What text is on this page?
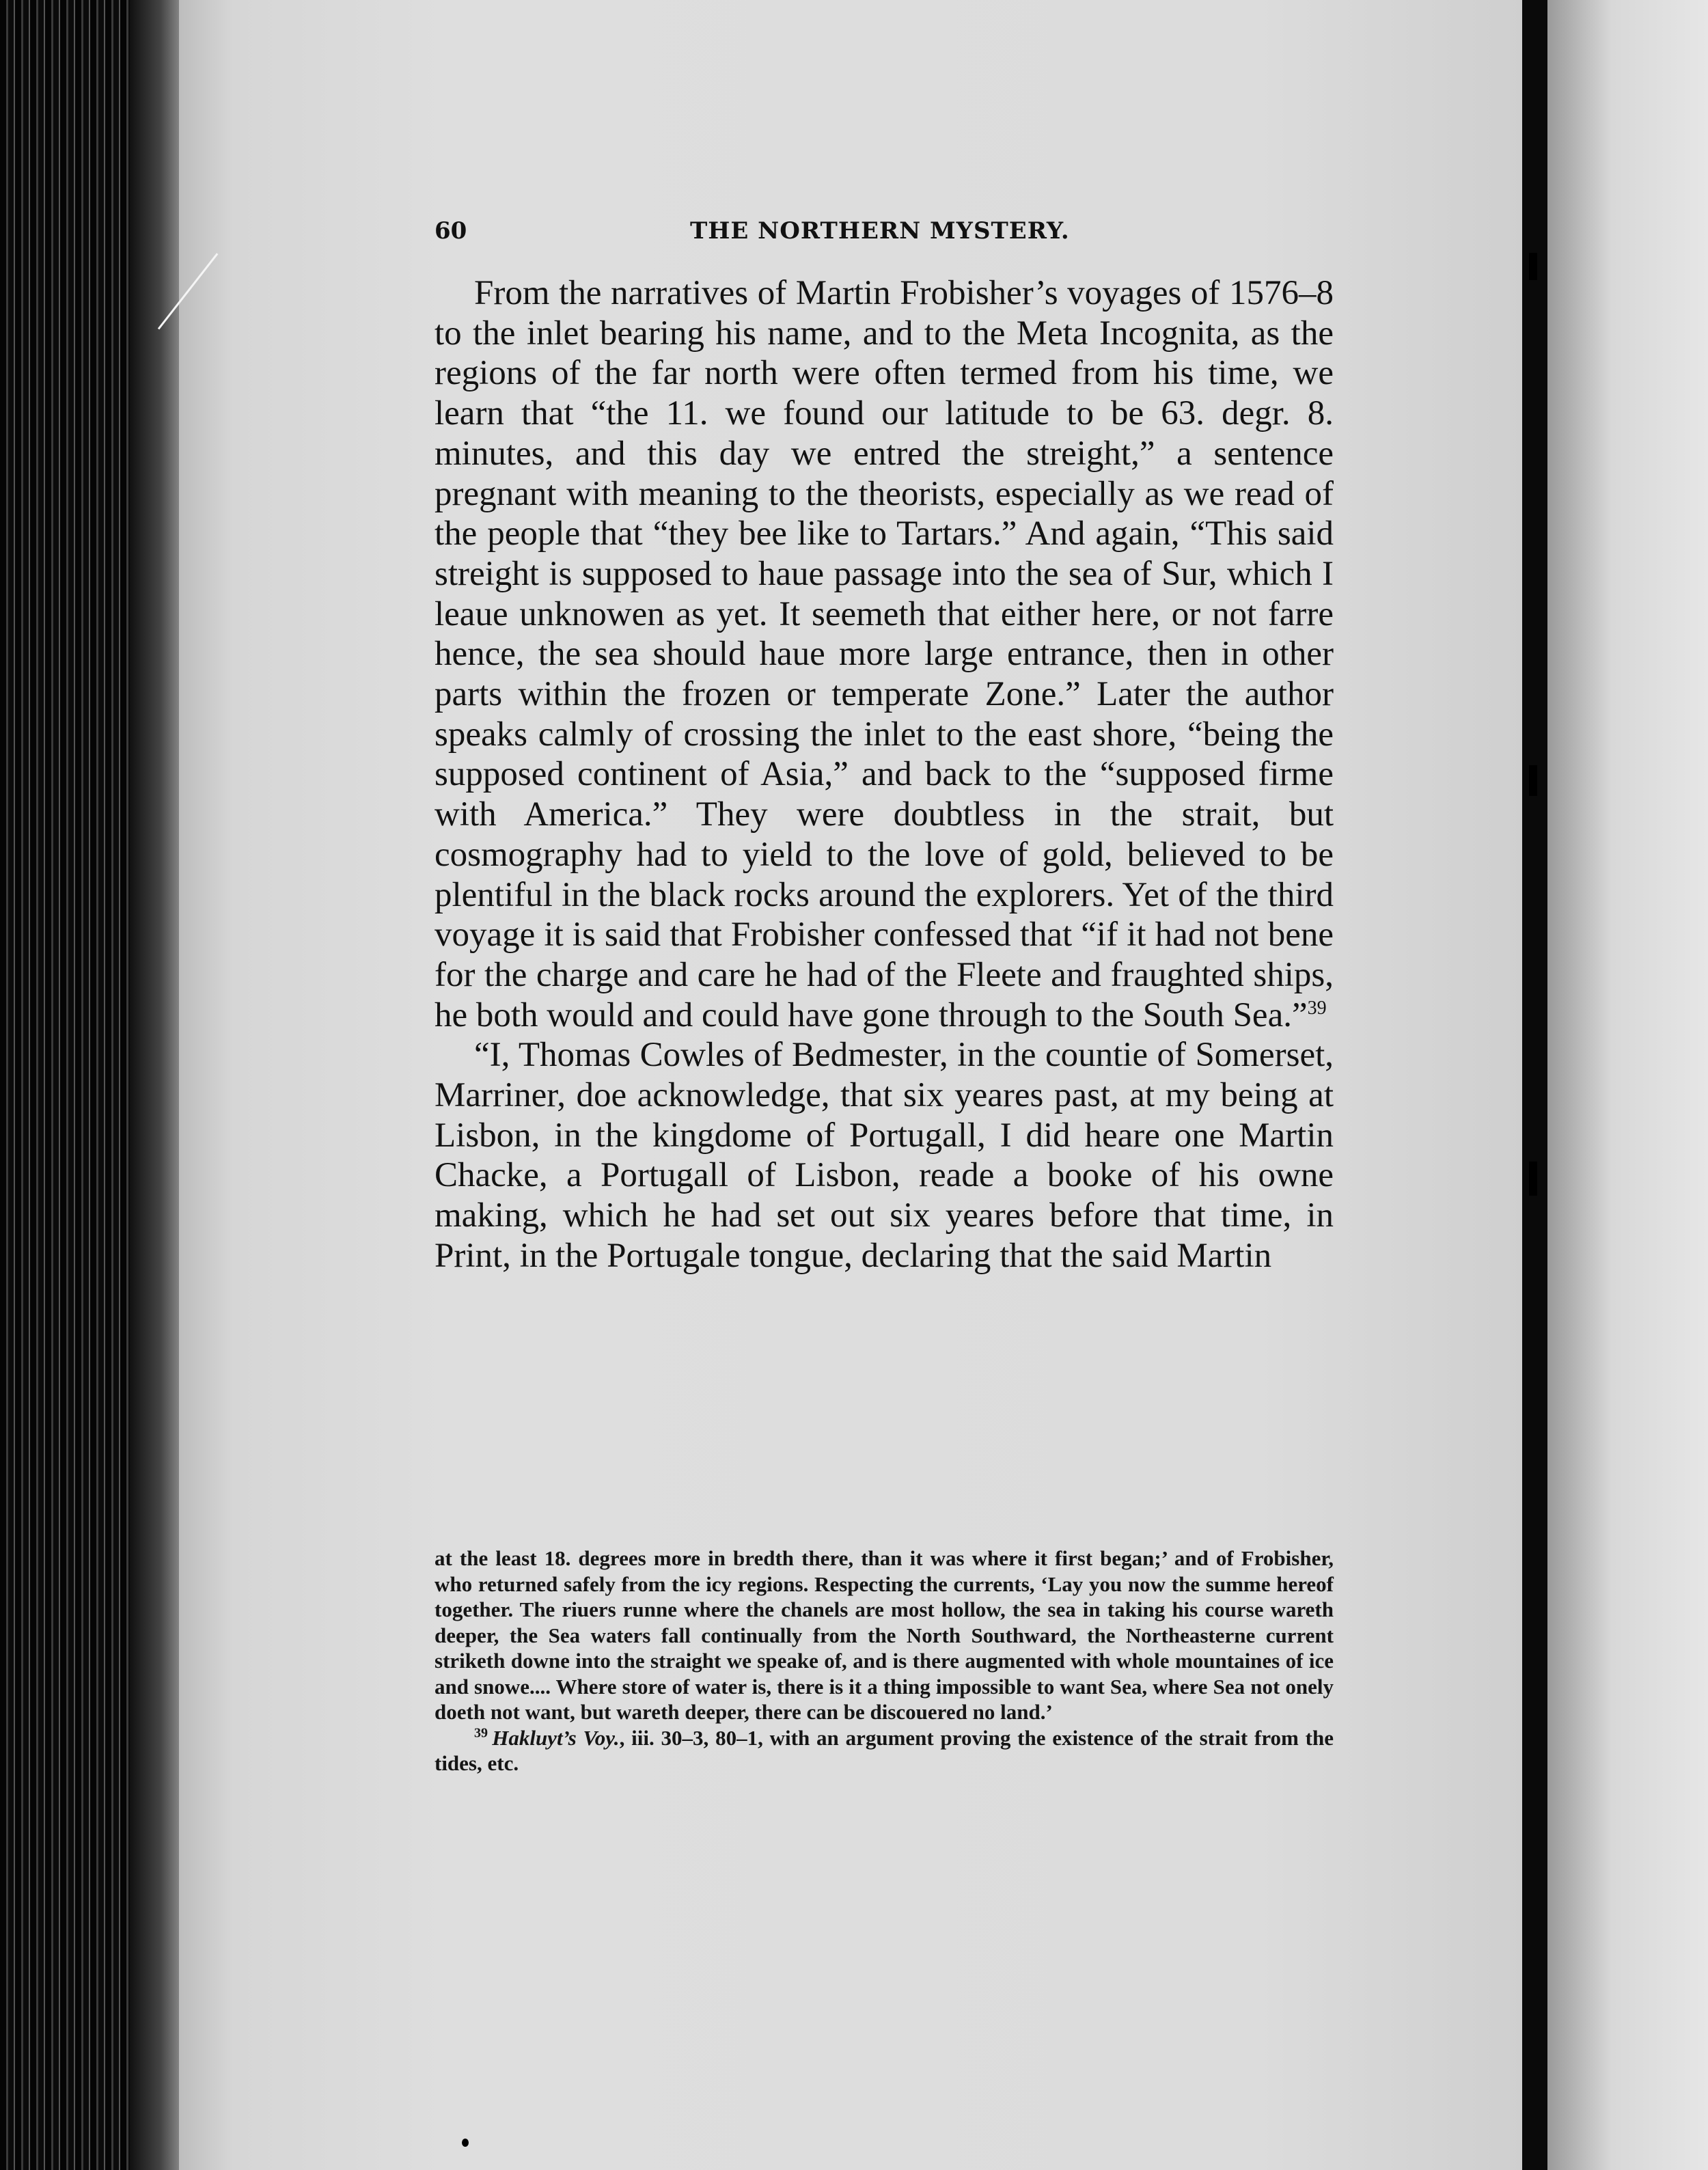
60	THE NORTHERN MYSTERY.

From the narratives of Martin Frobisher’s voyages of 1576–8 to the inlet bearing his name, and to the Meta Incognita, as the regions of the far north were often termed from his time, we learn that “the 11. we found our latitude to be 63. degr. 8. minutes, and this day we entred the streight,” a sentence pregnant with meaning to the theorists, especially as we read of the people that “they bee like to Tartars.” And again, “This said streight is supposed to haue passage into the sea of Sur, which I leaue unknowen as yet. It seemeth that either here, or not farre hence, the sea should haue more large entrance, then in other parts within the frozen or temperate Zone.” Later the author speaks calmly of crossing the inlet to the east shore, “being the supposed continent of Asia,” and back to the “supposed firme with America.” They were doubtless in the strait, but cosmography had to yield to the love of gold, believed to be plentiful in the black rocks around the explorers. Yet of the third voyage it is said that Frobisher confessed that “if it had not bene for the charge and care he had of the Fleete and fraughted ships, he both would and could have gone through to the South Sea.”$^{39}$

“I, Thomas Cowles of Bedmester, in the countie of Somerset, Marriner, doe acknowledge, that six yeares past, at my being at Lisbon, in the kingdome of Portugall, I did heare one Martin Chacke, a Portugall of Lisbon, reade a booke of his owne making, which he had set out six yeares before that time, in Print, in the Portugale tongue, declaring that the said Martin

at the least 18. degrees more in bredth there, than it was where it first began;’ and of Frobisher, who returned safely from the icy regions. Respecting the currents, ‘Lay you now the summe hereof together. The riuers runne where the chanels are most hollow, the sea in taking his course wareth deeper, the Sea waters fall continually from the North Southward, the Northeasterne current striketh downe into the straight we speake of, and is there augmented with whole mountaines of ice and snowe.... Where store of water is, there is it a thing impossible to want Sea, where Sea not onely doeth not want, but wareth deeper, there can be discouered no land.’

$^{39}$  Hakluyt’s Voy., iii. 30–3, 80–1, with an argument proving the existence of the strait from the tides, etc.
